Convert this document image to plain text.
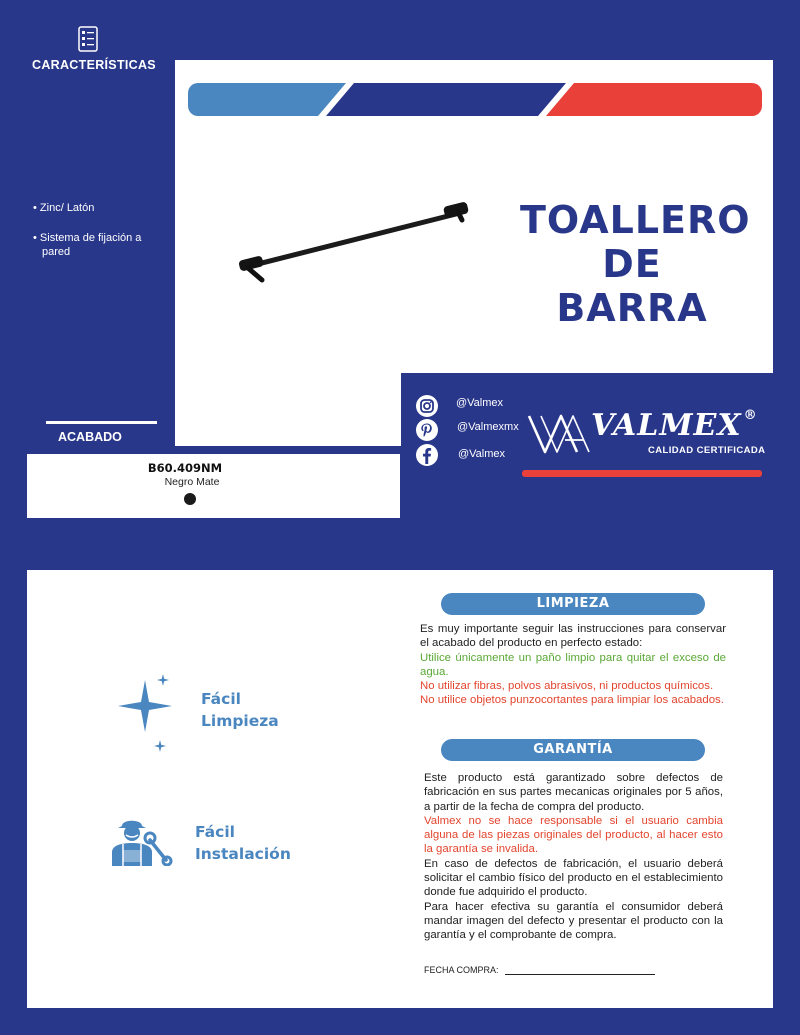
CARACTERÍSTICAS
TOALLERO
DE
BARRA
• Zinc/ Latón
• Sistema de fijación a pared
ACABADO
B60.409NM
Negro Mate
@Valmex
@Valmexmx
@Valmex
VALMEX ®
CALIDAD CERTIFICADA
Fácil
Limpieza
Fácil
Instalación
LIMPIEZA
Es muy importante seguir las instrucciones para conservar el acabado del producto en perfecto estado:
Utilice únicamente un paño limpio para quitar el exceso de agua.
No utilizar fibras, polvos abrasivos, ni productos químicos.
No utilice objetos punzocortantes para limpiar los acabados.
GARANTÍA
Este producto está garantizado sobre defectos de fabricación en sus partes mecanicas originales por 5 años, a partir de la fecha de compra del producto.
Valmex no se hace responsable si el usuario cambia alguna de las piezas originales del producto, al hacer esto la garantía se invalida.
En caso de defectos de fabricación, el usuario deberá solicitar el cambio físico del producto en el establecimiento donde fue adquirido el producto.
Para hacer efectiva su garantía el consumidor deberá mandar imagen del defecto y presentar el producto con la garantía y el comprobante de compra.
FECHA COMPRA:
